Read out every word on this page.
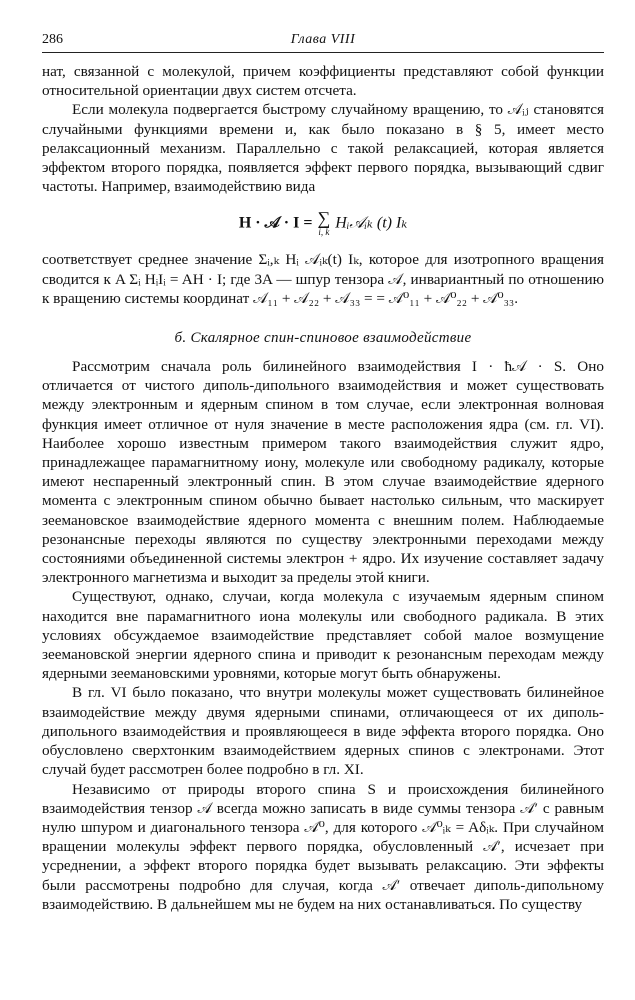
286	Глава VIII

нат, связанной с молекулой, причем коэффициенты представляют собой функции относительной ориентации двух систем отсчета.

Если молекула подвергается быстрому случайному вращению, то 𝒜ᵢⱼ становятся случайными функциями времени и, как было показано в § 5, имеет место релаксационный механизм. Параллельно с такой релаксацией, которая является эффектом второго порядка, появляется эффект первого порядка, вызывающий сдвиг частоты. Например, взаимодействию вида

H · 𝒜 · I = ∑
i, k
Hᵢ𝒜ᵢₖ (t) Iₖ

соответствует среднее значение Σᵢ,ₖ Hᵢ 𝒜ᵢₖ(t) Iₖ, которое для изотропного вращения сводится к A Σᵢ HᵢIᵢ = AH · I; где 3A — шпур тензора 𝒜, инвариантный по отношению к вращению системы координат 𝒜₁₁ + 𝒜₂₂ + 𝒜₃₃ = = 𝒜⁰₁₁ + 𝒜⁰₂₂ + 𝒜⁰₃₃.

б. Скалярное спин-спиновое взаимодействие

Рассмотрим сначала роль билинейного взаимодействия I · ħ𝒜 · S. Оно отличается от чистого диполь-дипольного взаимодействия и может существовать между электронным и ядерным спином в том случае, если электронная волновая функция имеет отличное от нуля значение в месте расположения ядра (см. гл. VI). Наиболее хорошо известным примером такого взаимодействия служит ядро, принадлежащее парамагнитному иону, молекуле или свободному радикалу, которые имеют неспаренный электронный спин. В этом случае взаимодействие ядерного момента с электронным спином обычно бывает настолько сильным, что маскирует зеемановское взаимодействие ядерного момента с внешним полем. Наблюдаемые резонансные переходы являются по существу электронными переходами между состояниями объединенной системы электрон + ядро. Их изучение составляет задачу электронного магнетизма и выходит за пределы этой книги.

Существуют, однако, случаи, когда молекула с изучаемым ядерным спином находится вне парамагнитного иона молекулы или свободного радикала. В этих условиях обсуждаемое взаимодействие представляет собой малое возмущение зеемановской энергии ядерного спина и приводит к резонансным переходам между ядерными зеемановскими уровнями, которые могут быть обнаружены.

В гл. VI было показано, что внутри молекулы может существовать билинейное взаимодействие между двумя ядерными спинами, отличающееся от их диполь-дипольного взаимодействия и проявляющееся в виде эффекта второго порядка. Оно обусловлено сверхтонким взаимодействием ядерных спинов с электронами. Этот случай будет рассмотрен более подробно в гл. XI.

Независимо от природы второго спина S и происхождения билинейного взаимодействия тензор 𝒜 всегда можно записать в виде суммы тензора 𝒜′ с равным нулю шпуром и диагонального тензора 𝒜⁰, для которого 𝒜⁰ᵢₖ = Aδᵢₖ. При случайном вращении молекулы эффект первого порядка, обусловленный 𝒜′, исчезает при усреднении, а эффект второго порядка будет вызывать релаксацию. Эти эффекты были рассмотрены подробно для случая, когда 𝒜′ отвечает диполь-дипольному взаимодействию. В дальнейшем мы не будем на них останавливаться. По существу
